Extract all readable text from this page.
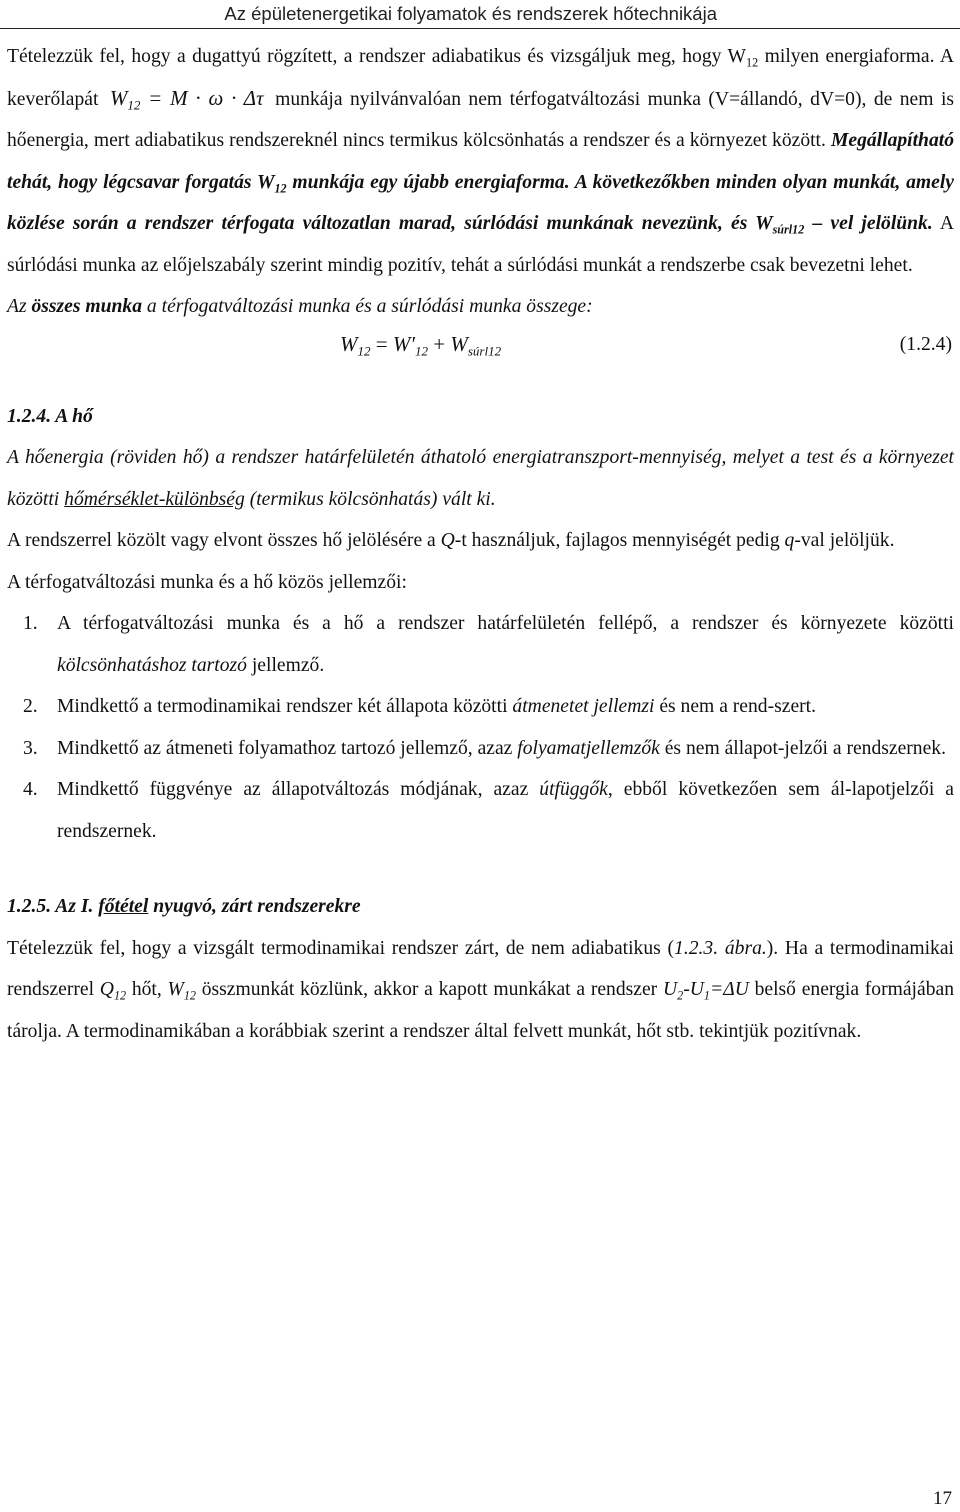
Az épületenergetikai folyamatok és rendszerek hőtechnikája

Tételezzük fel, hogy a dugattyú rögzített, a rendszer adiabatikus és vizsgáljuk meg, hogy $W_{12}$ milyen energiaforma. A keverőlapát $W_{12} = M \cdot \omega \cdot \Delta\tau$ munkája nyilvánvalóan nem térfogatváltozási munka (V=állandó, dV=0), de nem is hőenergia, mert adiabatikus rendszereknél nincs termikus kölcsönhatás a rendszer és a környezet között. Megállapítható tehát, hogy légcsavar forgatás $W_{12}$ munkája egy újabb energiaforma. A következőkben minden olyan munkát, amely közlése során a rendszer térfogata változatlan marad, súrlódási munkának nevezünk, és $W_{súrl12}$ – vel jelölünk. A súrlódási munka az előjelszabály szerint mindig pozitív, tehát a súrlódási munkát a rendszerbe csak bevezetni lehet.

Az összes munka a térfogatváltozási munka és a súrlódási munka összege:

$W_{12} = W'_{12} + W_{súrl12}$	(1.2.4)

1.2.4. A hő

A hőenergia (röviden hő) a rendszer határfelületén áthatoló energiatranszport-mennyiség, melyet a test és a környezet közötti hőmérséklet-különbség (termikus kölcsönhatás) vált ki.

A rendszerrel közölt vagy elvont összes hő jelölésére a Q-t használjuk, fajlagos mennyiségét pedig q-val jelöljük.

A térfogatváltozási munka és a hő közös jellemzői:

1. A térfogatváltozási munka és a hő a rendszer határfelületén fellépő, a rendszer és környezete közötti kölcsönhatáshoz tartozó jellemző.
2. Mindkettő a termodinamikai rendszer két állapota közötti átmenetet jellemzi és nem a rend-szert.
3. Mindkettő az átmeneti folyamathoz tartozó jellemző, azaz folyamatjellemzők és nem állapot-jelzői a rendszernek.
4. Mindkettő függvénye az állapotváltozás módjának, azaz útfüggők, ebből következően sem ál-lapotjelzői a rendszernek.

1.2.5. Az I. főtétel nyugvó, zárt rendszerekre

Tételezzük fel, hogy a vizsgált termodinamikai rendszer zárt, de nem adiabatikus (1.2.3. ábra.). Ha a termodinamikai rendszerrel $Q_{12}$ hőt, $W_{12}$ összmunkát közlünk, akkor a kapott munkákat a rendszer $U_2-U_1=\Delta U$ belső energia formájában tárolja. A termodinamikában a korábbiak szerint a rendszer által felvett munkát, hőt stb. tekintjük pozitívnak.

17
